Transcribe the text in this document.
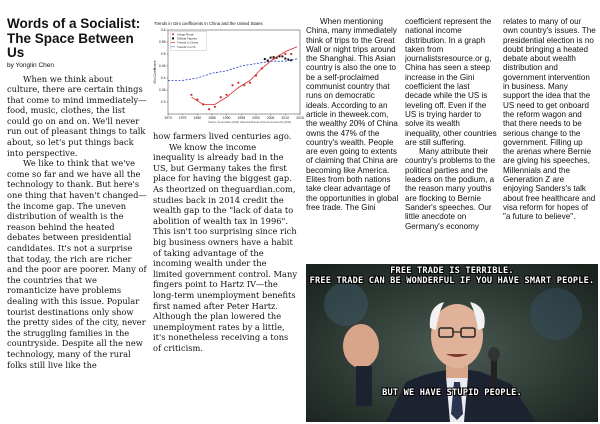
Words of a Socialist:
The Space Between Us
by Yonglin Chen

When we think about culture, there are certain things that come to mind immediately—food, music, clothes, the list could go on and on. We'll never run out of pleasant things to talk about, so let's put things back into perspective.

We like to think that we've come so far and we have all the technology to thank. But here's one thing that haven't changed—the income gap. The uneven distribution of wealth is the reason behind the heated debates between presidential candidates. It's not a surprise that today, the rich are richer and the poor are poorer. Many of the countries that we romanticize have problems dealing with this issue. Popular tourist destinations only show the pretty sides of the city, never the struggling families in the countryside. Despite all the new technology, many of the rural folks still live like the

Trends in Gini coefficients in China and the United States
0.3
0.35
0.4
0.45
0.5
0.55
0.6
1970 1975 1980 1985 1990 1995 2000 2005 2010 2015
Gini Coefficient
Urban-Rural
Official Figures
Trends in China
Trends in U.S.
Source: Xie and Zhou (2014). Data from Bureau of the Census and Xie (2014).

how farmers lived centuries ago.

We know the income inequality is already bad in the US, but Germany takes the first place for having the biggest gap. As theorized on theguardian.com, studies back in 2014 credit the wealth gap to the "lack of data to abolition of wealth tax in 1996". This isn't too surprising since rich big business owners have a habit of taking advantage of the incoming wealth under the limited government control. Many fingers point to Hartz IV—the long-term unemployment benefits first named after Peter Hartz. Although the plan lowered the unemployment rates by a little, it's nonetheless receiving a tons of criticism.

When mentioning China, many immediately think of trips to the Great Wall or night trips around the Shanghai. This Asian country is also the one to be a self-proclaimed communist country that runs on democratic ideals. According to an article in theweek.com, the wealthy 20% of China owns the 47% of the country's wealth. People are even going to extents of claiming that China are becoming like America. Elites from both nations take clear advantage of the opportunities in global free trade. The Gini

coefficient represent the national income distribution. In a graph taken from journalistsresource.or g, China has seen a steep increase in the Gini coefficient the last decade while the US is leveling off. Even if the US is trying harder to solve its wealth inequality, other countries are still suffering.

Many attribute their country's problems to the political parties and the leaders on the podium, a the reason many youths are flocking to Bernie Sander's speeches. Our little anecdote on Germany's economy

relates to many of our own country's issues. The presidential election is no doubt bringing a heated debate about wealth distribution and government intervention in business. Many support the idea that the US need to get onboard the reform wagon and that there needs to be serious change to the government. Filling up the arenas where Bernie are giving his speeches, Millennials and the Generation Z are enjoying Sanders's talk about free healthcare and visa reform for hopes of "a future to believe".

FREE TRADE IS TERRIBLE.
FREE TRADE CAN BE WONDERFUL IF YOU HAVE SMART PEOPLE.
BUT WE HAVE STUPID PEOPLE.
